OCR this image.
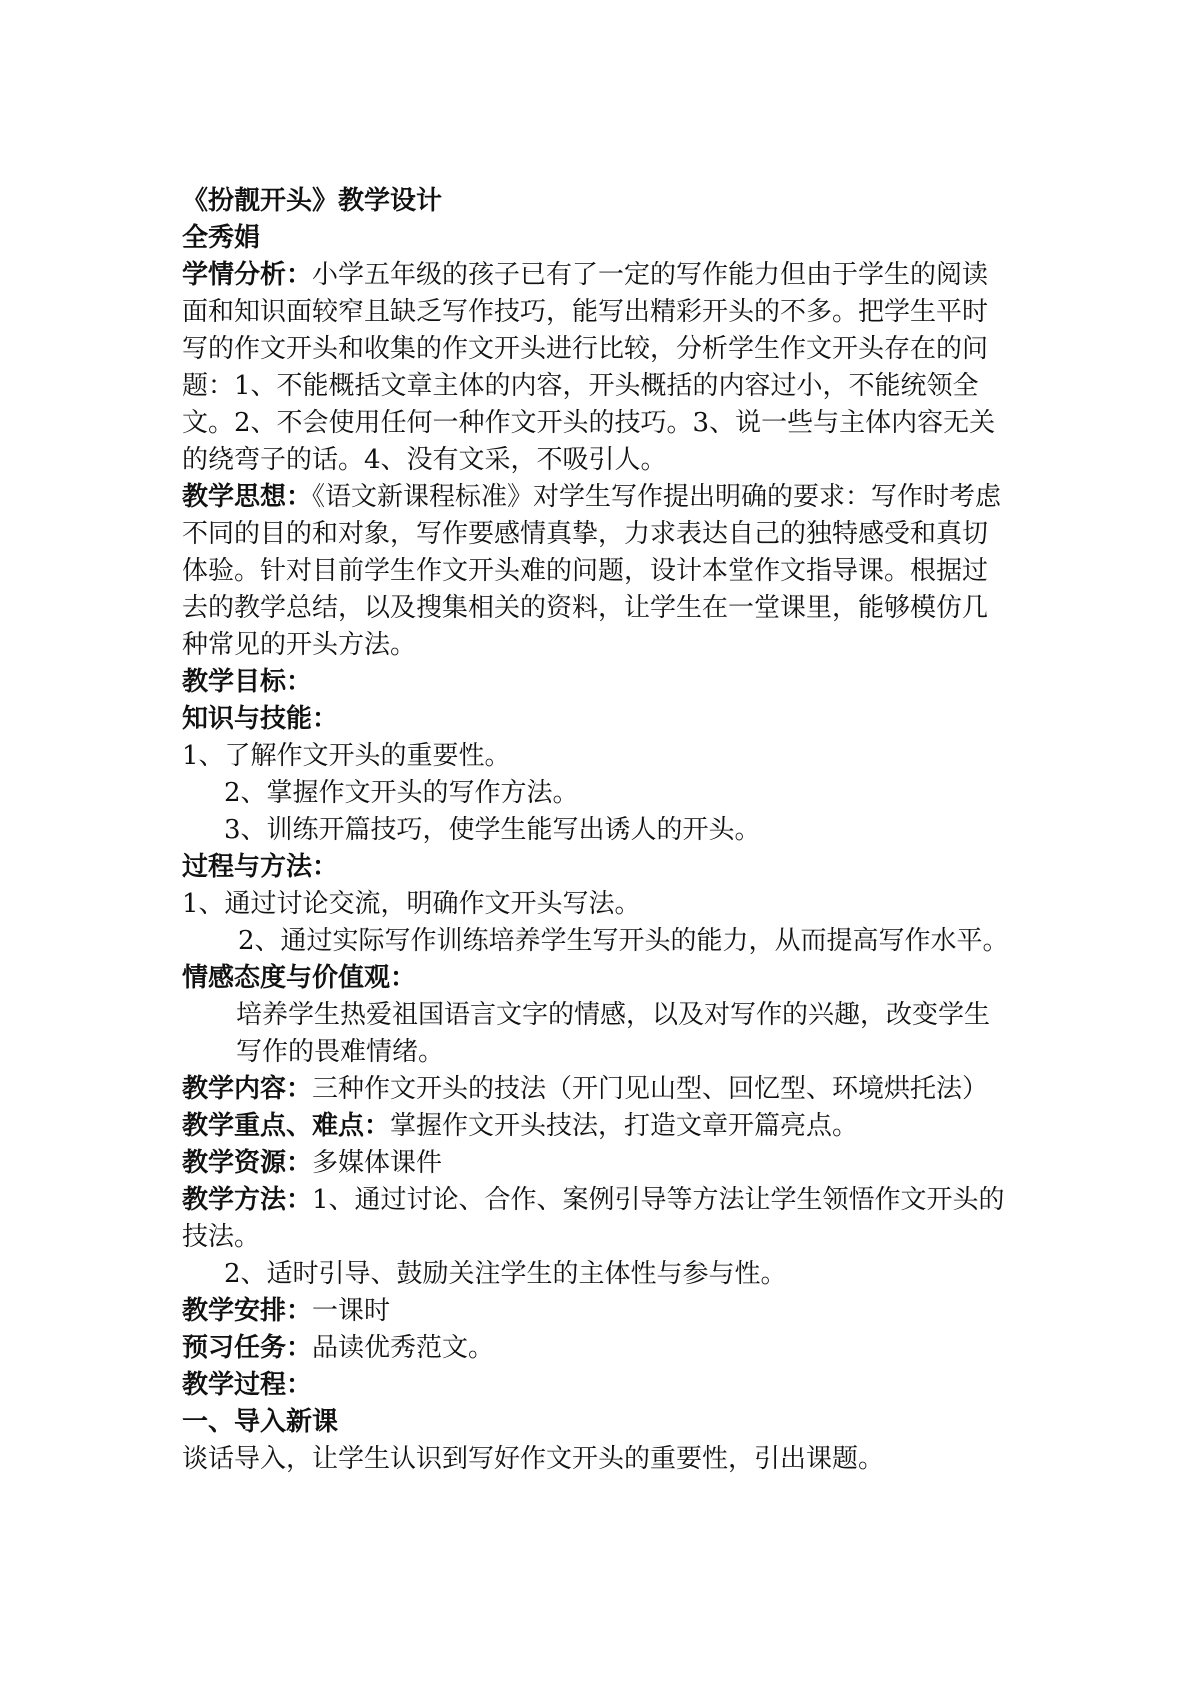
《扮靓开头》教学设计

全秀娟

学情分析：小学五年级的孩子已有了一定的写作能力但由于学生的阅读面和知识面较窄且缺乏写作技巧，能写出精彩开头的不多。把学生平时写的作文开头和收集的作文开头进行比较，分析学生作文开头存在的问题：1、不能概括文章主体的内容，开头概括的内容过小，不能统领全文。2、不会使用任何一种作文开头的技巧。3、说一些与主体内容无关的绕弯子的话。4、没有文采，不吸引人。

教学思想：《语文新课程标准》对学生写作提出明确的要求：写作时考虑不同的目的和对象，写作要感情真挚，力求表达自己的独特感受和真切体验。针对目前学生作文开头难的问题，设计本堂作文指导课。根据过去的教学总结，以及搜集相关的资料，让学生在一堂课里，能够模仿几种常见的开头方法。

教学目标：

知识与技能：

1、了解作文开头的重要性。

2、掌握作文开头的写作方法。

3、训练开篇技巧，使学生能写出诱人的开头。

过程与方法：

1、通过讨论交流，明确作文开头写法。

2、通过实际写作训练培养学生写开头的能力，从而提高写作水平。

情感态度与价值观：

培养学生热爱祖国语言文字的情感，以及对写作的兴趣，改变学生写作的畏难情绪。

教学内容：三种作文开头的技法（开门见山型、回忆型、环境烘托法）

教学重点、难点：掌握作文开头技法，打造文章开篇亮点。

教学资源：多媒体课件

教学方法：1、通过讨论、合作、案例引导等方法让学生领悟作文开头的技法。

2、适时引导、鼓励关注学生的主体性与参与性。

教学安排：一课时

预习任务：品读优秀范文。

教学过程：

一、导入新课

谈话导入，让学生认识到写好作文开头的重要性，引出课题。
